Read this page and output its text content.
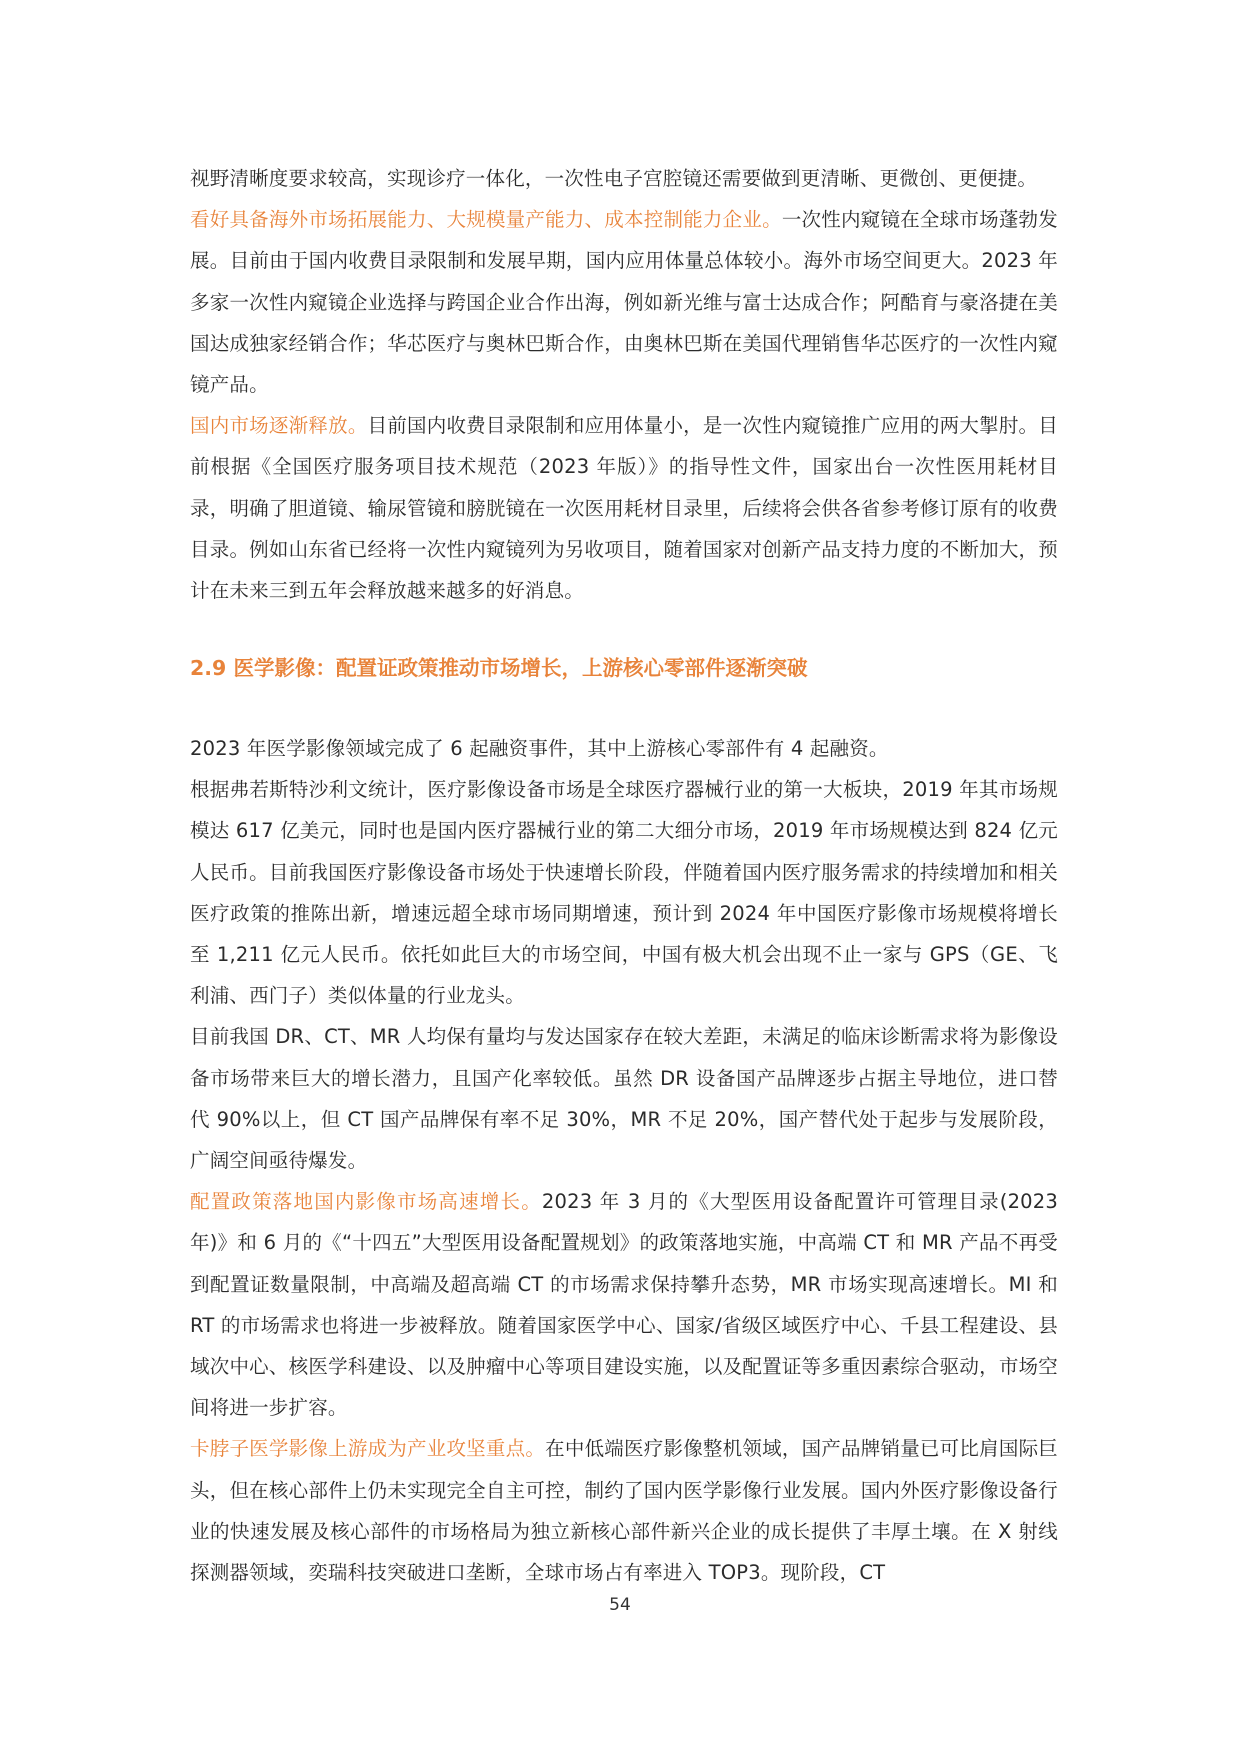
视野清晰度要求较高，实现诊疗一体化，一次性电子宫腔镜还需要做到更清晰、更微创、更便捷。

看好具备海外市场拓展能力、大规模量产能力、成本控制能力企业。一次性内窥镜在全球市场蓬勃发展。目前由于国内收费目录限制和发展早期，国内应用体量总体较小。海外市场空间更大。2023 年多家一次性内窥镜企业选择与跨国企业合作出海，例如新光维与富士达成合作；阿酷育与豪洛捷在美国达成独家经销合作；华芯医疗与奥林巴斯合作，由奥林巴斯在美国代理销售华芯医疗的一次性内窥镜产品。

国内市场逐渐释放。目前国内收费目录限制和应用体量小，是一次性内窥镜推广应用的两大掣肘。目前根据《全国医疗服务项目技术规范（2023 年版）》的指导性文件，国家出台一次性医用耗材目录，明确了胆道镜、输尿管镜和膀胱镜在一次医用耗材目录里，后续将会供各省参考修订原有的收费目录。例如山东省已经将一次性内窥镜列为另收项目，随着国家对创新产品支持力度的不断加大，预计在未来三到五年会释放越来越多的好消息。

2.9 医学影像：配置证政策推动市场增长，上游核心零部件逐渐突破

2023 年医学影像领域完成了 6 起融资事件，其中上游核心零部件有 4 起融资。

根据弗若斯特沙利文统计，医疗影像设备市场是全球医疗器械行业的第一大板块，2019 年其市场规模达 617 亿美元，同时也是国内医疗器械行业的第二大细分市场，2019 年市场规模达到 824 亿元人民币。目前我国医疗影像设备市场处于快速增长阶段，伴随着国内医疗服务需求的持续增加和相关医疗政策的推陈出新，增速远超全球市场同期增速，预计到 2024 年中国医疗影像市场规模将增长至 1,211 亿元人民币。依托如此巨大的市场空间，中国有极大机会出现不止一家与 GPS（GE、飞利浦、西门子）类似体量的行业龙头。

目前我国 DR、CT、MR 人均保有量均与发达国家存在较大差距，未满足的临床诊断需求将为影像设备市场带来巨大的增长潜力，且国产化率较低。虽然 DR 设备国产品牌逐步占据主导地位，进口替代 90%以上，但 CT 国产品牌保有率不足 30%，MR 不足 20%，国产替代处于起步与发展阶段，广阔空间亟待爆发。

配置政策落地国内影像市场高速增长。2023 年 3 月的《大型医用设备配置许可管理目录(2023 年)》和 6 月的《“十四五”大型医用设备配置规划》的政策落地实施，中高端 CT 和 MR 产品不再受到配置证数量限制，中高端及超高端 CT 的市场需求保持攀升态势，MR 市场实现高速增长。MI 和 RT 的市场需求也将进一步被释放。随着国家医学中心、国家/省级区域医疗中心、千县工程建设、县域次中心、核医学科建设、以及肿瘤中心等项目建设实施，以及配置证等多重因素综合驱动，市场空间将进一步扩容。

卡脖子医学影像上游成为产业攻坚重点。在中低端医疗影像整机领域，国产品牌销量已可比肩国际巨头，但在核心部件上仍未实现完全自主可控，制约了国内医学影像行业发展。国内外医疗影像设备行业的快速发展及核心部件的市场格局为独立新核心部件新兴企业的成长提供了丰厚土壤。在 X 射线探测器领域，奕瑞科技突破进口垄断，全球市场占有率进入 TOP3。现阶段，CT

54
